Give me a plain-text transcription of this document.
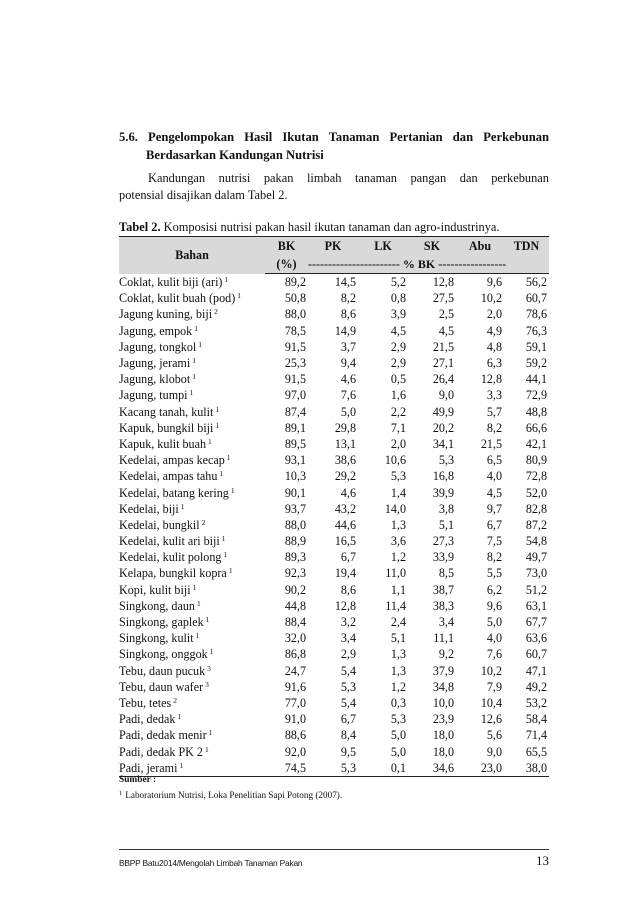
5.6. Pengelompokan Hasil Ikutan Tanaman Pertanian dan Perkebunan

Berdasarkan Kandungan Nutrisi

Kandungan nutrisi pakan limbah tanaman pangan dan perkebunan
potensial disajikan dalam Tabel 2.

Tabel 2. Komposisi nutrisi pakan hasil ikutan tanaman dan agro-industrinya.

Bahan	BK	PK	LK	SK	Abu	TDN
	(%)	----------------------- % BK -----------------				
Coklat, kulit biji (ari) $^1$	89,2	14,5	5,2	12,8	9,6	56,2
Coklat, kulit buah (pod) $^1$	50,8	8,2	0,8	27,5	10,2	60,7
Jagung kuning, biji $^2$	88,0	8,6	3,9	2,5	2,0	78,6
Jagung, empok $^1$	78,5	14,9	4,5	4,5	4,9	76,3
Jagung, tongkol $^1$	91,5	3,7	2,9	21,5	4,8	59,1
Jagung, jerami $^1$	25,3	9,4	2,9	27,1	6,3	59,2
Jagung, klobot $^1$	91,5	4,6	0,5	26,4	12,8	44,1
Jagung, tumpi $^1$	97,0	7,6	1,6	9,0	3,3	72,9
Kacang tanah, kulit $^1$	87,4	5,0	2,2	49,9	5,7	48,8
Kapuk, bungkil biji $^1$	89,1	29,8	7,1	20,2	8,2	66,6
Kapuk, kulit buah $^1$	89,5	13,1	2,0	34,1	21,5	42,1
Kedelai, ampas kecap $^1$	93,1	38,6	10,6	5,3	6,5	80,9
Kedelai, ampas tahu $^1$	10,3	29,2	5,3	16,8	4,0	72,8
Kedelai, batang kering $^1$	90,1	4,6	1,4	39,9	4,5	52,0
Kedelai, biji $^1$	93,7	43,2	14,0	3,8	9,7	82,8
Kedelai, bungkil $^2$	88,0	44,6	1,3	5,1	6,7	87,2
Kedelai, kulit ari biji $^1$	88,9	16,5	3,6	27,3	7,5	54,8
Kedelai, kulit polong $^1$	89,3	6,7	1,2	33,9	8,2	49,7
Kelapa, bungkil kopra $^1$	92,3	19,4	11,0	8,5	5,5	73,0
Kopi, kulit biji $^1$	90,2	8,6	1,1	38,7	6,2	51,2
Singkong, daun $^1$	44,8	12,8	11,4	38,3	9,6	63,1
Singkong, gaplek $^1$	88,4	3,2	2,4	3,4	5,0	67,7
Singkong, kulit $^1$	32,0	3,4	5,1	11,1	4,0	63,6
Singkong, onggok $^1$	86,8	2,9	1,3	9,2	7,6	60,7
Tebu, daun pucuk $^3$	24,7	5,4	1,3	37,9	10,2	47,1
Tebu, daun wafer $^3$	91,6	5,3	1,2	34,8	7,9	49,2
Tebu, tetes $^2$	77,0	5,4	0,3	10,0	10,4	53,2
Padi, dedak $^1$	91,0	6,7	5,3	23,9	12,6	58,4
Padi, dedak menir $^1$	88,6	8,4	5,0	18,0	5,6	71,4
Padi, dedak PK 2 $^1$	92,0	9,5	5,0	18,0	9,0	65,5
Padi, jerami $^1$	74,5	5,3	0,1	34,6	23,0	38,0

Sumber :

$^1$ Laboratorium Nutrisi, Loka Penelitian Sapi Potong (2007).

BBPP Batu2014/Mengolah Limbah Tanaman Pakan	13
